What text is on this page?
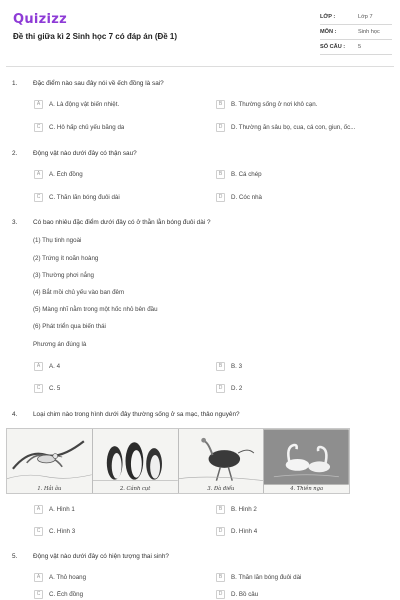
Quizizz
Đề thi giữa kì 2 Sinh học 7 có đáp án (Đề 1)
LỚP :	Lớp 7
MÔN :	Sinh học
SỐ CÂU :	5
1. Đặc điểm nào sau đây nói về ếch đồng là sai?
A	A. Là động vật biến nhiệt.	B	B. Thường sống ở nơi khô cạn.
C	C. Hô hấp chủ yếu bằng da	D	D. Thường ăn sâu bọ, cua, cá con, giun, ốc...
2. Động vật nào dưới đây có thận sau?
A	A. Ếch đồng	B	B. Cá chép
C	C. Thằn lằn bóng đuôi dài	D	D. Cóc nhà
3. Có bao nhiêu đặc điểm dưới đây có ở thằn lằn bóng đuôi dài ?
(1) Thụ tinh ngoài
(2) Trứng ít noãn hoàng
(3) Thường phơi nắng
(4) Bắt mồi chủ yếu vào ban đêm
(5) Màng nhĩ nằm trong một hốc nhỏ bên đầu
(6) Phát triển qua biến thái
Phương án đúng là
A	A. 4	B	B. 3
C	C. 5	D	D. 2
4. Loại chim nào trong hình dưới đây thường sống ở sa mạc, thảo nguyên?
1. Hải âu	2. Cánh cụt	3. Đà điểu	4. Thiên nga
A	A. Hình 1	B	B. Hình 2
C	C. Hình 3	D	D. Hình 4
5. Động vật nào dưới đây có hiện tượng thai sinh?
A	A. Thỏ hoang	B	B. Thằn lằn bóng đuôi dài
C	C. Ếch đồng	D	D. Bồ câu
